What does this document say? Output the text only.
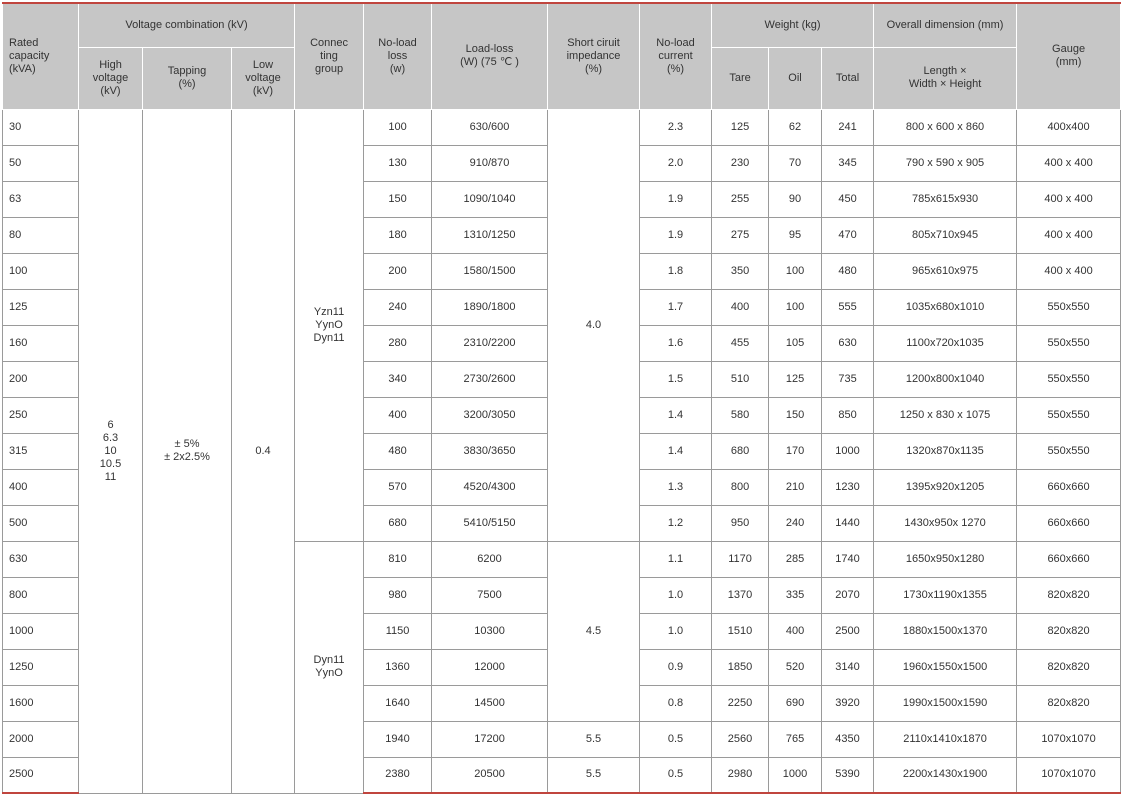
Rated
capacity
(kVA)	Voltage combination (kV)			Connec
ting
group	No-load
loss
(w)	Load-loss
(W) (75 ℃ )	Short ciruit
impedance
(%)	No-load
current
(%)	Weight (kg)			Overall dimension (mm)	Gauge
(mm)
	High
voltage
(kV)	Tapping
(%)	Low
voltage
(kV)						Tare	Oil	Total	Length ×
Width × Height	
30	6
6.3
10
10.5
11	± 5%
± 2x2.5%	0.4	Yzn11
YynO
Dyn11	100	630/600	4.0	2.3	125	62	241	800 x 600 x 860	400x400
50					130	910/870		2.0	230	70	345	790 x 590 x 905	400 x 400
63					150	1090/1040		1.9	255	90	450	785x615x930	400 x 400
80					180	1310/1250		1.9	275	95	470	805x710x945	400 x 400
100					200	1580/1500		1.8	350	100	480	965x610x975	400 x 400
125					240	1890/1800		1.7	400	100	555	1035x680x1010	550x550
160					280	2310/2200		1.6	455	105	630	1100x720x1035	550x550
200					340	2730/2600		1.5	510	125	735	1200x800x1040	550x550
250					400	3200/3050		1.4	580	150	850	1250 x 830 x 1075	550x550
315					480	3830/3650		1.4	680	170	1000	1320x870x1135	550x550
400					570	4520/4300		1.3	800	210	1230	1395x920x1205	660x660
500					680	5410/5150		1.2	950	240	1440	1430x950x 1270	660x660
630				Dyn11
YynO	810	6200	4.5	1.1	1170	285	1740	1650x950x1280	660x660
800					980	7500		1.0	1370	335	2070	1730x1190x1355	820x820
1000					1150	10300		1.0	1510	400	2500	1880x1500x1370	820x820
1250					1360	12000		0.9	1850	520	3140	1960x1550x1500	820x820
1600					1640	14500		0.8	2250	690	3920	1990x1500x1590	820x820
2000					1940	17200	5.5	0.5	2560	765	4350	2110x1410x1870	1070x1070
2500					2380	20500	5.5	0.5	2980	1000	5390	2200x1430x1900	1070x1070
